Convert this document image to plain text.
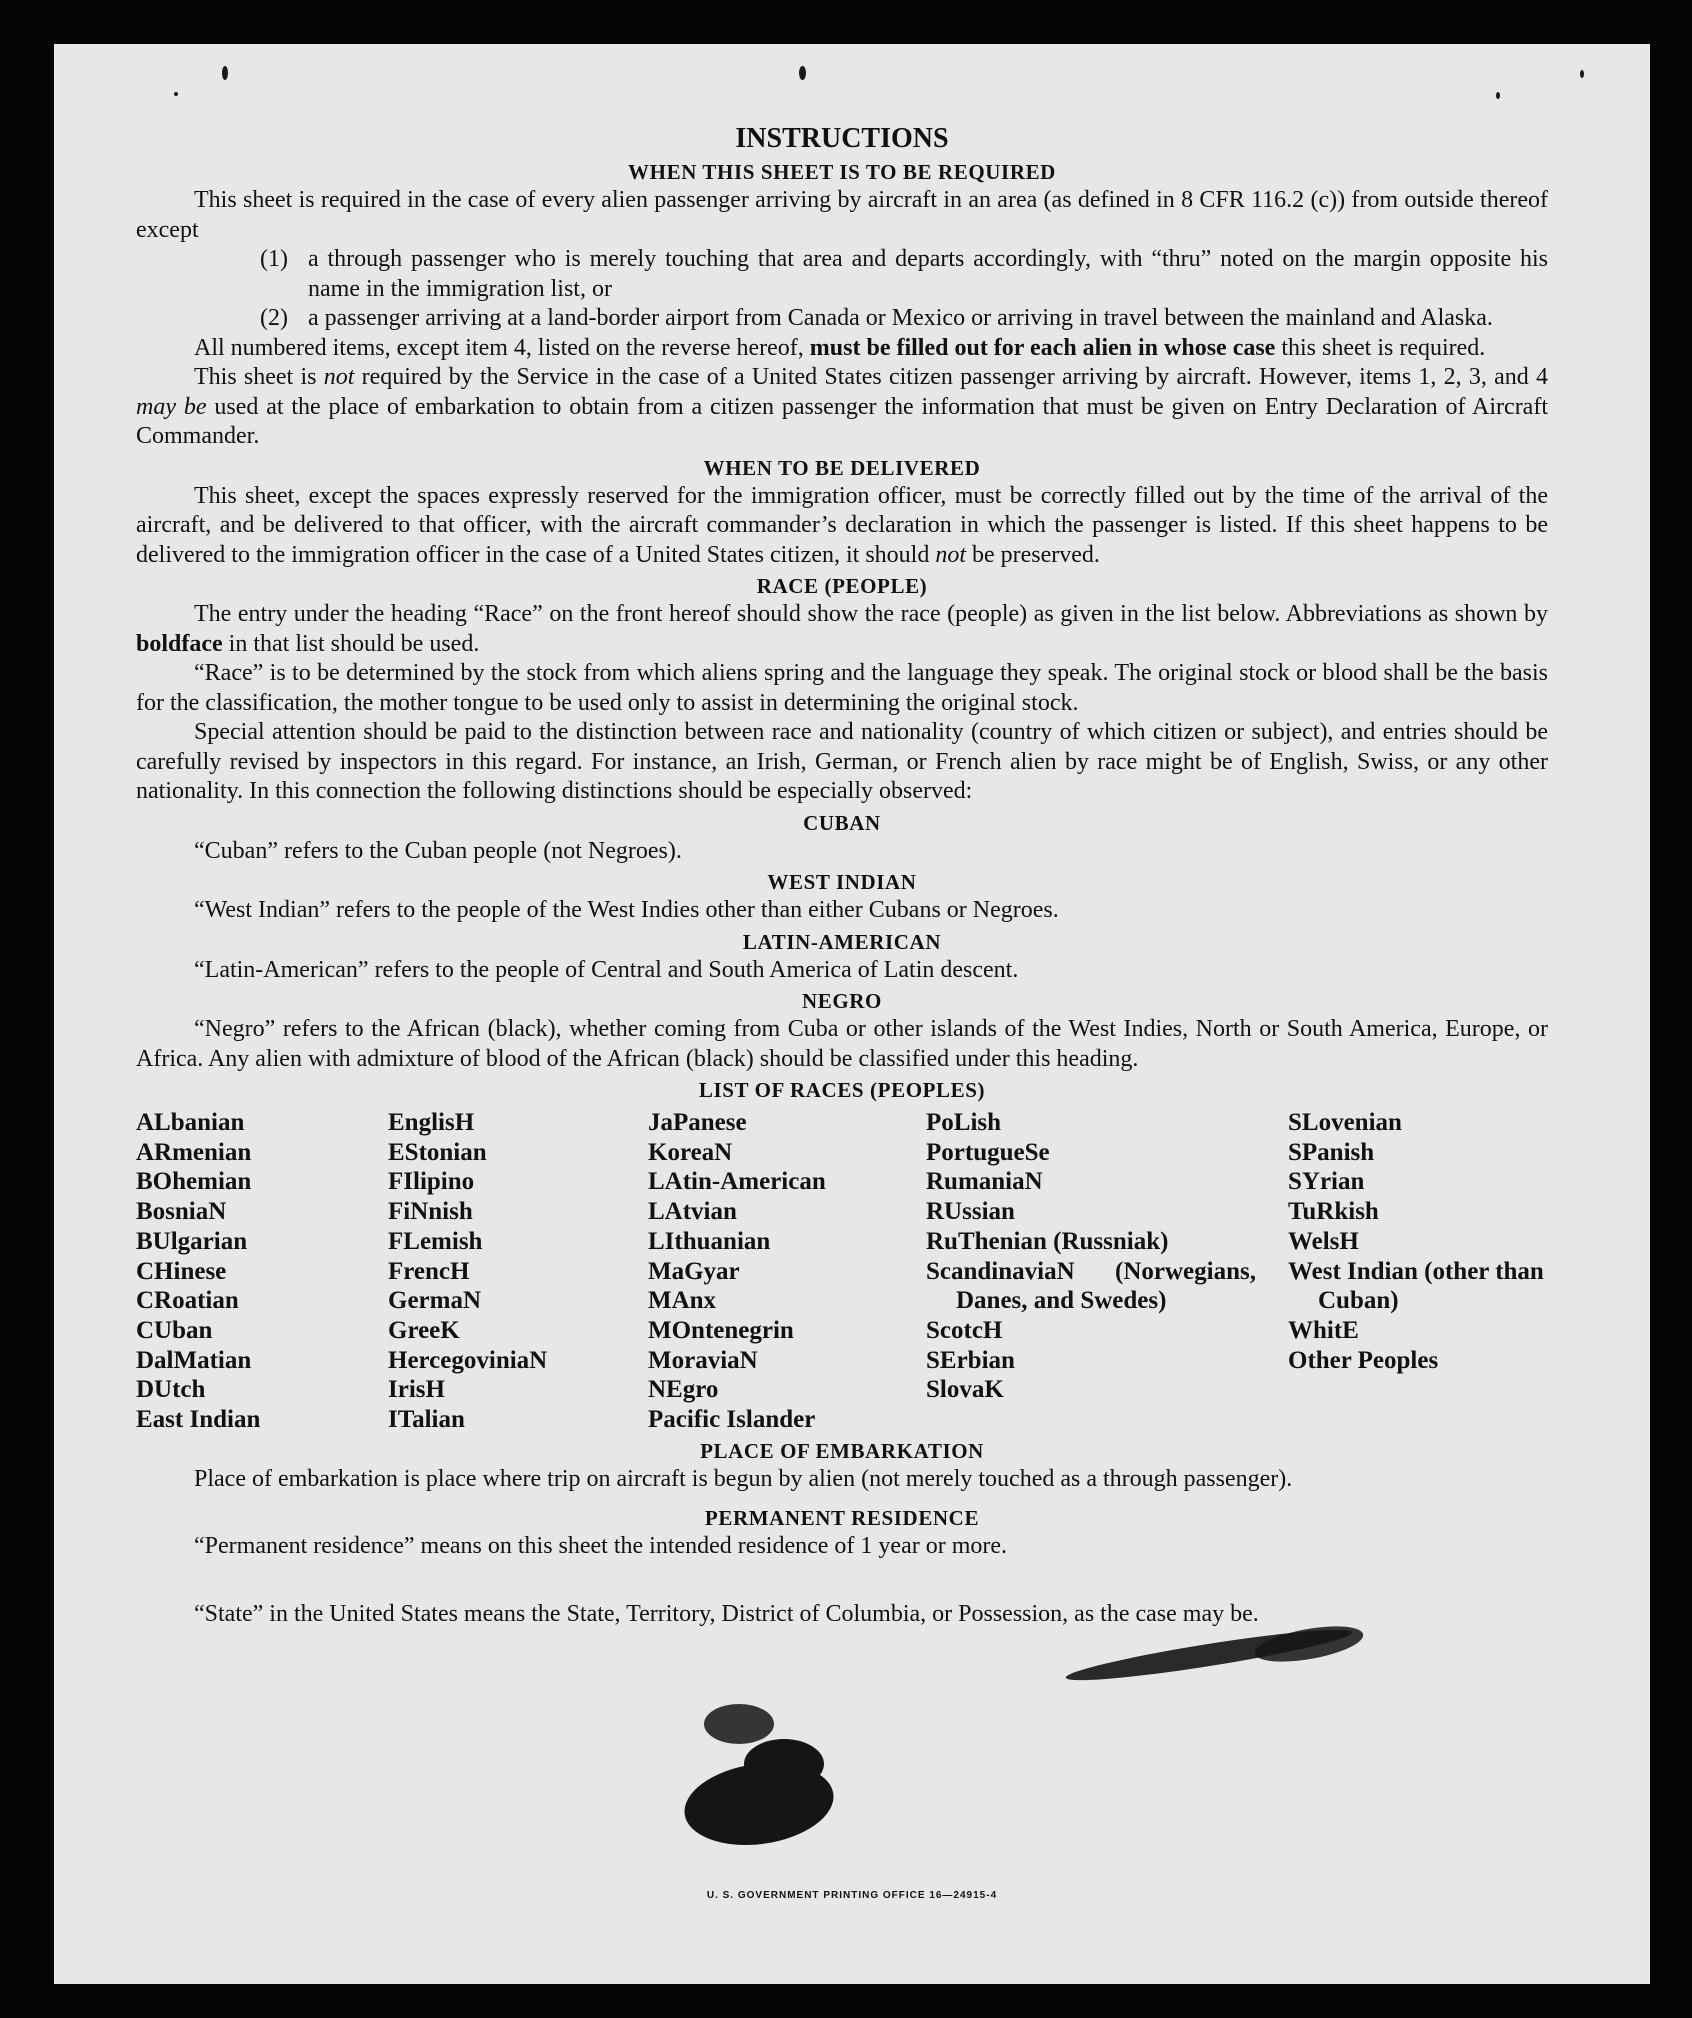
INSTRUCTIONS
WHEN THIS SHEET IS TO BE REQUIRED

This sheet is required in the case of every alien passenger arriving by aircraft in an area (as defined in 8 CFR 116.2 (c)) from outside thereof except

(1) a through passenger who is merely touching that area and departs accordingly, with “thru” noted on the margin opposite his name in the immigration list, or
(2) a passenger arriving at a land-border airport from Canada or Mexico or arriving in travel between the mainland and Alaska.

All numbered items, except item 4, listed on the reverse hereof, must be filled out for each alien in whose case this sheet is required.

This sheet is not required by the Service in the case of a United States citizen passenger arriving by aircraft. However, items 1, 2, 3, and 4 may be used at the place of embarkation to obtain from a citizen passenger the information that must be given on Entry Declaration of Aircraft Commander.

WHEN TO BE DELIVERED

This sheet, except the spaces expressly reserved for the immigration officer, must be correctly filled out by the time of the arrival of the aircraft, and be delivered to that officer, with the aircraft commander’s declaration in which the passenger is listed. If this sheet happens to be delivered to the immigration officer in the case of a United States citizen, it should not be preserved.

RACE (PEOPLE)

The entry under the heading “Race” on the front hereof should show the race (people) as given in the list below. Abbreviations as shown by boldface in that list should be used.

“Race” is to be determined by the stock from which aliens spring and the language they speak. The original stock or blood shall be the basis for the classification, the mother tongue to be used only to assist in determining the original stock.

Special attention should be paid to the distinction between race and nationality (country of which citizen or subject), and entries should be carefully revised by inspectors in this regard. For instance, an Irish, German, or French alien by race might be of English, Swiss, or any other nationality. In this connection the following distinctions should be especially observed:

CUBAN

“Cuban” refers to the Cuban people (not Negroes).

WEST INDIAN

“West Indian” refers to the people of the West Indies other than either Cubans or Negroes.

LATIN-AMERICAN

“Latin-American” refers to the people of Central and South America of Latin descent.

NEGRO

“Negro” refers to the African (black), whether coming from Cuba or other islands of the West Indies, North or South America, Europe, or Africa. Any alien with admixture of blood of the African (black) should be classified under this heading.

LIST OF RACES (PEOPLES)
ALbanian
ARmenian
BOhemian
BosniaN
BUlgarian
CHinese
CRoatian
CUban
DalMatian
DUtch
East Indian
EnglisH
EStonian
FIlipino
FiNnish
FLemish
FrencH
GermaN
GreeK
HercegoviniaN
IrisH
ITalian
JaPanese
KoreaN
LAtin-American
LAtvian
LIthuanian
MaGyar
MAnx
MOntenegrin
MoraviaN
NEgro
Pacific Islander
PoLish
PortugueSe
RumaniaN
RUssian
RuThenian (Russniak)
ScandinaviaN (Norwegians, Danes, and Swedes)
ScotcH
SErbian
SlovaK
SLovenian
SPanish
SYrian
TuRkish
WelsH
West Indian (other than Cuban)
WhitE
Other Peoples
PLACE OF EMBARKATION

Place of embarkation is place where trip on aircraft is begun by alien (not merely touched as a through passenger).

PERMANENT RESIDENCE

“Permanent residence” means on this sheet the intended residence of 1 year or more.

“State” in the United States means the State, Territory, District of Columbia, or Possession, as the case may be.

U. S. GOVERNMENT PRINTING OFFICE 16—24915-4
